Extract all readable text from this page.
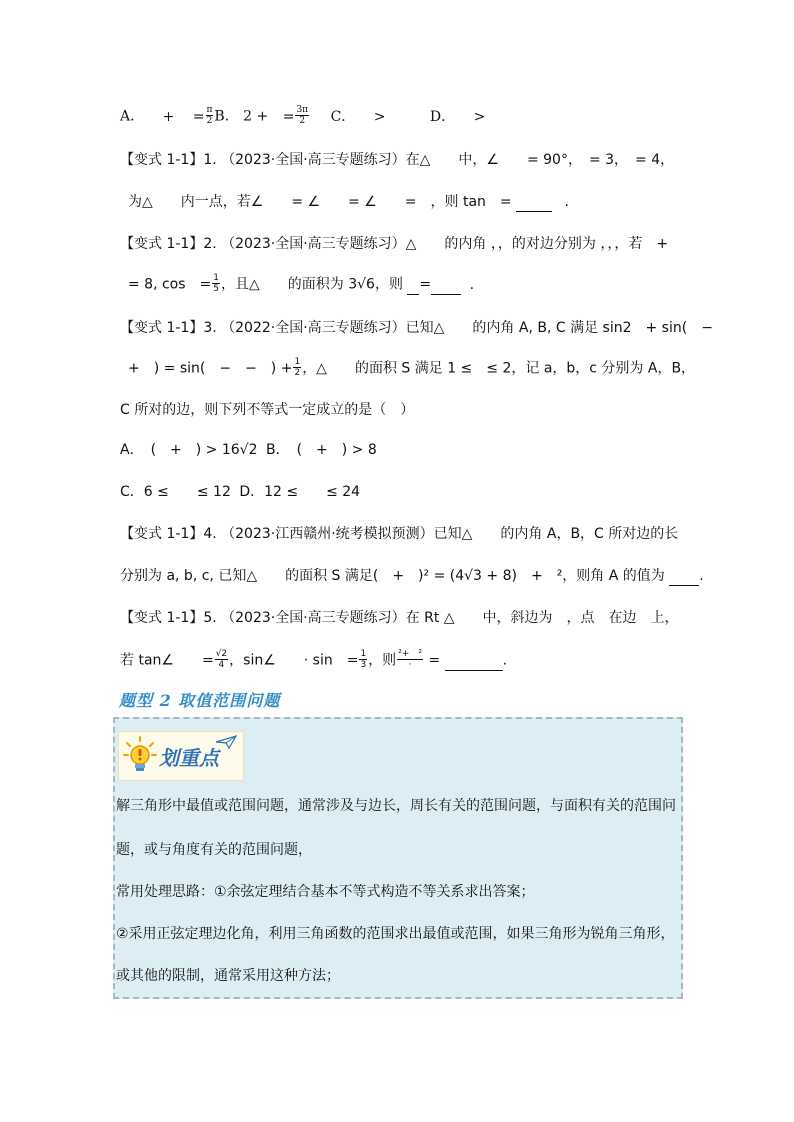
A． + = $\frac{\pi}{2}$ B． 2 + = $\frac{3\pi}{2}$ C． >	D． >
【变式 1-1】1. （2023·全国·高三专题练习）在△　　中，∠　　= 90°，　= 3，　= 4，
为△　　内一点，若∠　　= ∠　　= ∠　　=　，则 tan　=	.
【变式 1-1】2. （2023·全国·高三专题练习）△　　的内角 ，，的对边分别为 ，，，若　+
= 8, cos　= $\frac{1}{5}$ ，且△　　的面积为 3√6，则 =	.
【变式 1-1】3. （2022·全国·高三专题练习）已知△　　的内角 A, B, C 满足 sin2　+ sin(　−
+　) = sin(　−　−　) + $\frac{1}{2}$ ，△　　的面积 S 满足 1 ≤　≤ 2，记 a，b，c 分别为 A，B，
C 所对的边，则下列不等式一定成立的是（　）
A．　(　+　) > 16√2 B．　(　+　) > 8
C．6 ≤　　≤ 12 D．12 ≤　　≤ 24
【变式 1-1】4. （2023·江西赣州·统考模拟预测）已知△　　的内角 A，B，C 所对边的长
分别为 a, b, c, 已知△　　的面积 S 满足(　+　)² = (4√3 + 8)　+　²，则角 A 的值为 .
【变式 1-1】5. （2023·全国·高三专题练习）在 Rt △　　中，斜边为　，点　在边　上，
若 tan∠　　= $\frac{√2}{4}$ ，sin∠　　· sin　= $\frac{1}{3}$ ，则 $\frac{\text{²+　²}}{\cdot}$ =	.
题型 2 取值范围问题
划重点
解三角形中最值或范围问题，通常涉及与边长，周长有关的范围问题，与面积有关的范围问
题，或与角度有关的范围问题，
常用处理思路：①余弦定理结合基本不等式构造不等关系求出答案；
②采用正弦定理边化角，利用三角函数的范围求出最值或范围，如果三角形为锐角三角形，
或其他的限制，通常采用这种方法；
